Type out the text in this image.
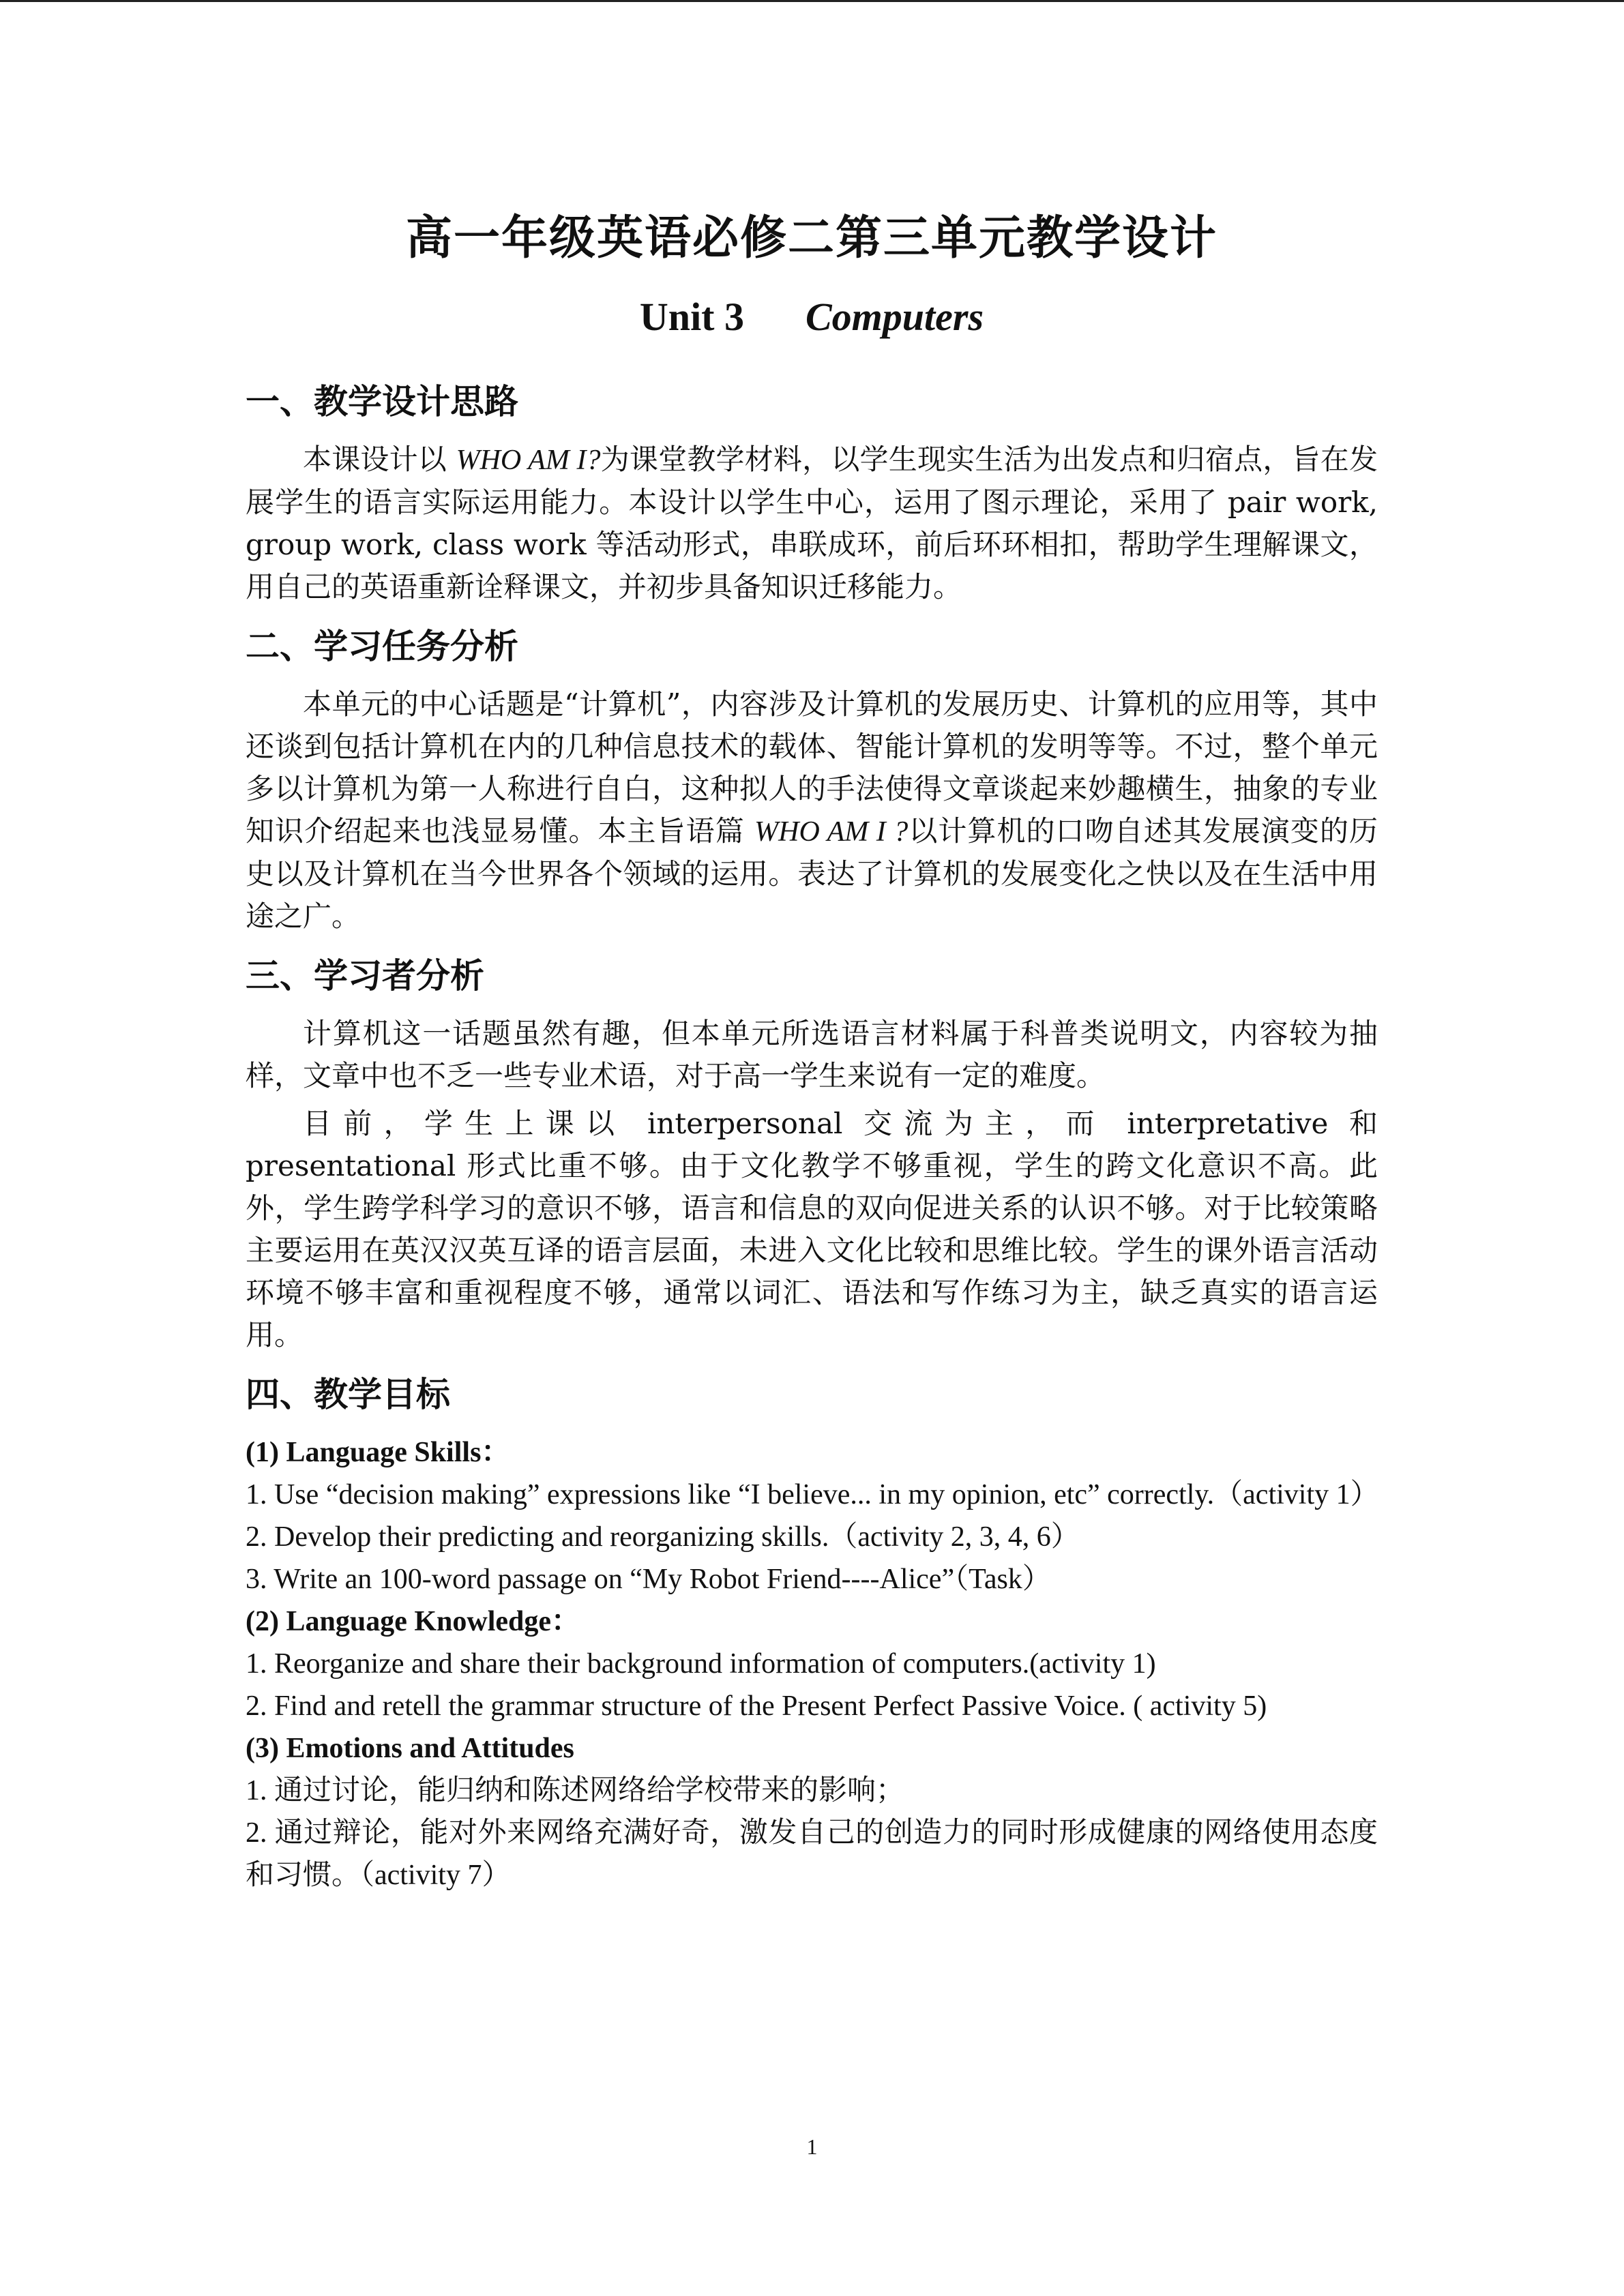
高一年级英语必修二第三单元教学设计
Unit 3 Computers
一、教学设计思路

本课设计以 WHO AM I?为课堂教学材料，以学生现实生活为出发点和归宿点，旨在发展学生的语言实际运用能力。本设计以学生中心，运用了图示理论，采用了 pair work, group work, class work 等活动形式，串联成环，前后环环相扣，帮助学生理解课文，用自己的英语重新诠释课文，并初步具备知识迁移能力。

二、学习任务分析

本单元的中心话题是“计算机”，内容涉及计算机的发展历史、计算机的应用等，其中还谈到包括计算机在内的几种信息技术的载体、智能计算机的发明等等。不过，整个单元多以计算机为第一人称进行自白，这种拟人的手法使得文章谈起来妙趣横生，抽象的专业知识介绍起来也浅显易懂。本主旨语篇 WHO AM I ?以计算机的口吻自述其发展演变的历史以及计算机在当今世界各个领域的运用。表达了计算机的发展变化之快以及在生活中用途之广。

三、学习者分析

计算机这一话题虽然有趣，但本单元所选语言材料属于科普类说明文，内容较为抽样，文章中也不乏一些专业术语，对于高一学生来说有一定的难度。

目前，学生上课以 interpersonal 交流为主，而 interpretative 和 presentational 形式比重不够。由于文化教学不够重视，学生的跨文化意识不高。此外，学生跨学科学习的意识不够，语言和信息的双向促进关系的认识不够。对于比较策略主要运用在英汉汉英互译的语言层面，未进入文化比较和思维比较。学生的课外语言活动环境不够丰富和重视程度不够，通常以词汇、语法和写作练习为主，缺乏真实的语言运用。

四、教学目标

(1) Language Skills：

1. Use “decision making” expressions like “I believe... in my opinion, etc” correctly.（activity 1）

2. Develop their predicting and reorganizing skills.（activity 2, 3, 4, 6）

3. Write an 100-word passage on “My Robot Friend----Alice”（Task）

(2) Language Knowledge：

1. Reorganize and share their background information of computers.(activity 1)

2. Find and retell the grammar structure of the Present Perfect Passive Voice. ( activity 5)

(3) Emotions and Attitudes

1. 通过讨论，能归纳和陈述网络给学校带来的影响；

2. 通过辩论，能对外来网络充满好奇，激发自己的创造力的同时形成健康的网络使用态度和习惯。（activity 7）

1
